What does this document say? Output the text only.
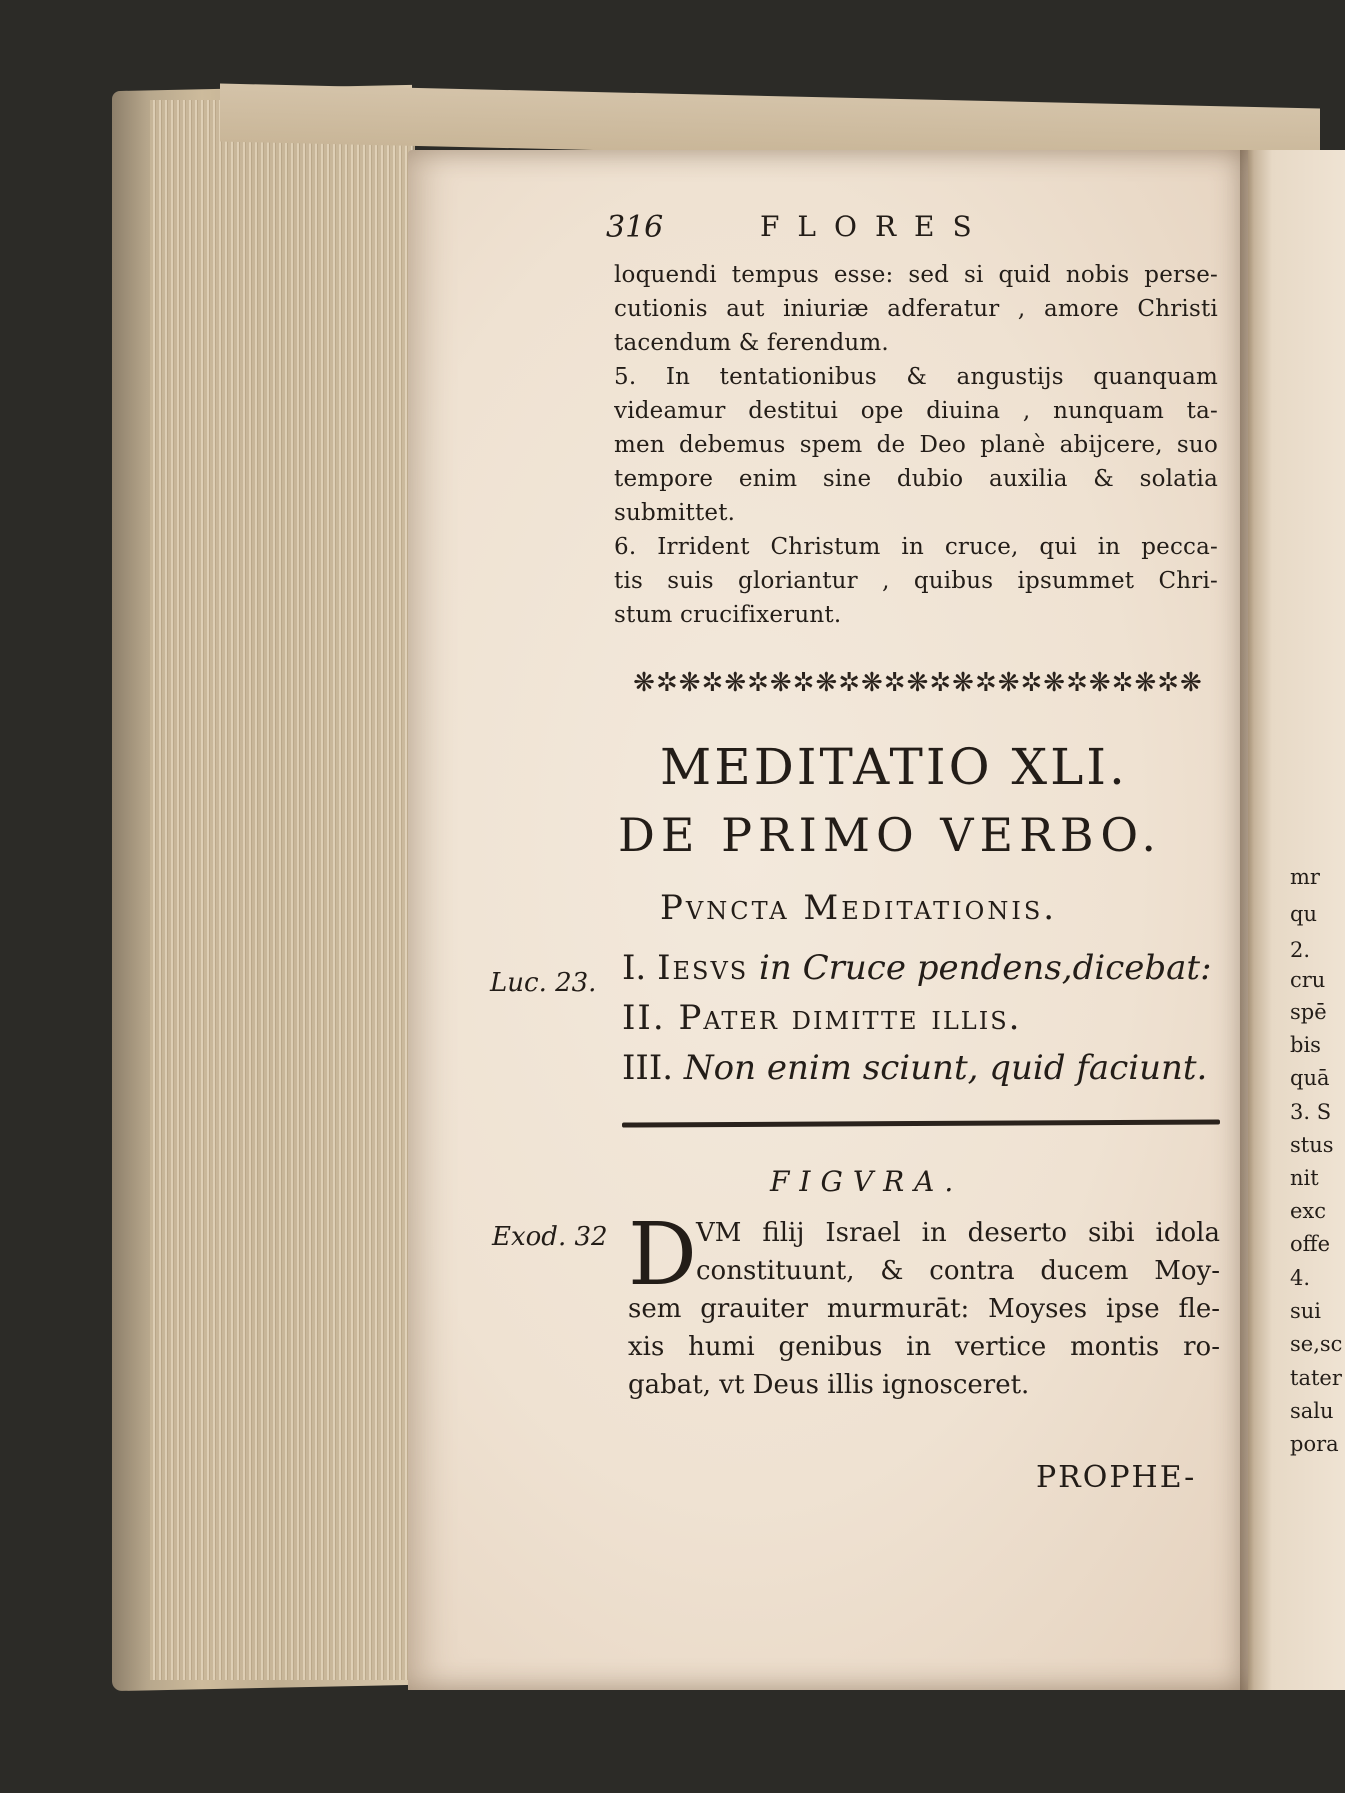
316	FLORES
loquendi tempus esse: sed si quid nobis perse-
cutionis aut iniuriæ adferatur , amore Christi
tacendum & ferendum.
5. In tentationibus & angustijs quanquam
videamur destitui ope diuina , nunquam ta-
men debemus spem de Deo planè abijcere, suo
tempore enim sine dubio auxilia & solatia
submittet.
6. Irrident Christum in cruce, qui in pecca-
tis suis gloriantur , quibus ipsummet Chri-
stum crucifixerunt.
❋✲❋✲❋✲❋✲❋✲❋✲❋✲❋✲❋✲❋✲❋✲❋✲❋
MEDITATIO XLI.
DE PRIMO VERBO.
Pvncta Meditationis.
Luc. 23. I. Iesvs in Cruce pendens,dicebat:
II. Pater dimitte illis.
III. Non enim sciunt, quid faciunt.
FIGVRA.
Exod. 32 D VM filij Israel in deserto sibi idola
constituunt, & contra ducem Moy-
sem grauiter murmurāt: Moyses ipse fle-
xis humi genibus in vertice montis ro-
gabat, vt Deus illis ignosceret.
PROPHE-
mr
qu
2.
cru
spē
bis
quā
3. S
stus
nit
exc
offe
4.
sui
se,sc
tater
salu
pora
